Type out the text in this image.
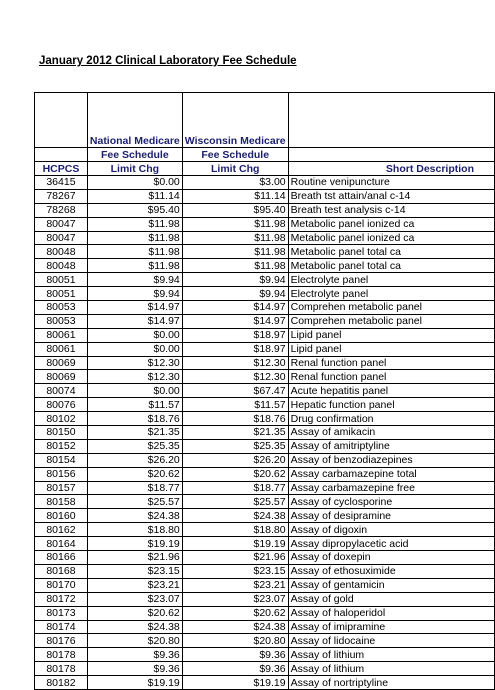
January 2012 Clinical Laboratory Fee Schedule
	National Medicare	Wisconsin Medicare	
	Fee Schedule	Fee Schedule	
HCPCS	Limit Chg	Limit Chg	Short Description
36415	$0.00	$3.00	Routine venipuncture
78267	$11.14	$11.14	Breath tst attain/anal c-14
78268	$95.40	$95.40	Breath test analysis c-14
80047	$11.98	$11.98	Metabolic panel ionized ca
80047	$11.98	$11.98	Metabolic panel ionized ca
80048	$11.98	$11.98	Metabolic panel total ca
80048	$11.98	$11.98	Metabolic panel total ca
80051	$9.94	$9.94	Electrolyte panel
80051	$9.94	$9.94	Electrolyte panel
80053	$14.97	$14.97	Comprehen metabolic panel
80053	$14.97	$14.97	Comprehen metabolic panel
80061	$0.00	$18.97	Lipid panel
80061	$0.00	$18.97	Lipid panel
80069	$12.30	$12.30	Renal function panel
80069	$12.30	$12.30	Renal function panel
80074	$0.00	$67.47	Acute hepatitis panel
80076	$11.57	$11.57	Hepatic function panel
80102	$18.76	$18.76	Drug confirmation
80150	$21.35	$21.35	Assay of amikacin
80152	$25.35	$25.35	Assay of amitriptyline
80154	$26.20	$26.20	Assay of benzodiazepines
80156	$20.62	$20.62	Assay carbamazepine total
80157	$18.77	$18.77	Assay carbamazepine free
80158	$25.57	$25.57	Assay of cyclosporine
80160	$24.38	$24.38	Assay of desipramine
80162	$18.80	$18.80	Assay of digoxin
80164	$19.19	$19.19	Assay dipropylacetic acid
80166	$21.96	$21.96	Assay of doxepin
80168	$23.15	$23.15	Assay of ethosuximide
80170	$23.21	$23.21	Assay of gentamicin
80172	$23.07	$23.07	Assay of gold
80173	$20.62	$20.62	Assay of haloperidol
80174	$24.38	$24.38	Assay of imipramine
80176	$20.80	$20.80	Assay of lidocaine
80178	$9.36	$9.36	Assay of lithium
80178	$9.36	$9.36	Assay of lithium
80182	$19.19	$19.19	Assay of nortriptyline
